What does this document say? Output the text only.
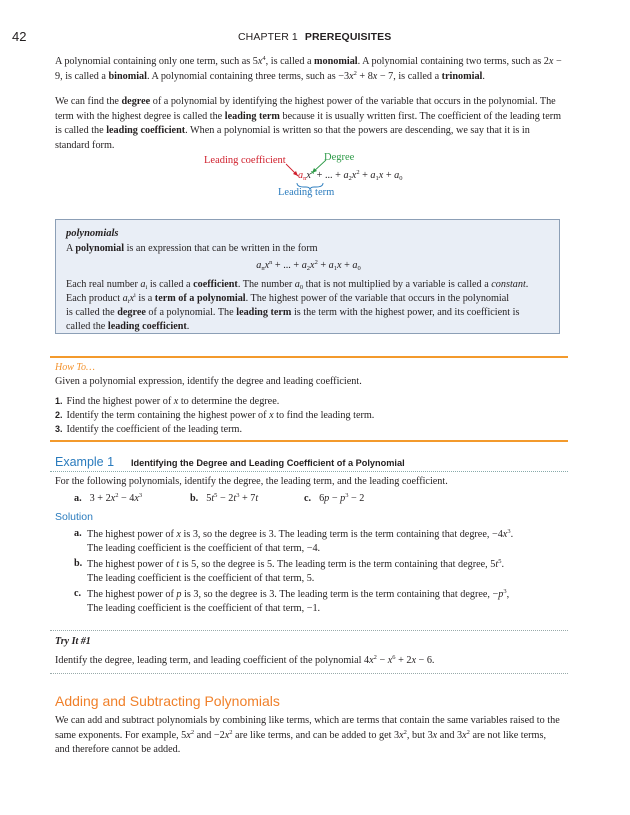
42	CHAPTER 1 PREREQUISITES

A polynomial containing only one term, such as $5x^4$, is called a monomial. A polynomial containing two terms, such as 2x − 9, is called a binomial. A polynomial containing three terms, such as $-3x^2 + 8x - 7$, is called a trinomial.

We can find the degree of a polynomial by identifying the highest power of the variable that occurs in the polynomial. The term with the highest degree is called the leading term because it is usually written first. The coefficient of the leading term is called the leading coefficient. When a polynomial is written so that the powers are descending, we say that it is in standard form.

Leading coefficient	Degree
Leading term
$a_nx^n$ + ... + $a_2x^2 + a_1x + a_0$
polynomials

A polynomial is an expression that can be written in the form

$a_nx^n$ + ... + $a_2x^2 + a_1x + a_0$

Each real number $a_i$ is called a coefficient. The number $a_0$ that is not multiplied by a variable is called a constant.

Each product $a_ix^i$ is a term of a polynomial. The highest power of the variable that occurs in the polynomial

is called the degree of a polynomial. The leading term is the term with the highest power, and its coefficient is

called the leading coefficient.

How To…
Given a polynomial expression, identify the degree and leading coefficient.
1. Find the highest power of x to determine the degree.
2. Identify the term containing the highest power of x to find the leading term.
3. Identify the coefficient of the leading term.
Example 1 Identifying the Degree and Leading Coefficient of a Polynomial
For the following polynomials, identify the degree, the leading term, and the leading coefficient.
a. $3 + 2x^2 - 4x^3$	b. $5t^5 - 2t^3 + 7t$	c. $6p - p^3 - 2$
Solution
a. The highest power of x is 3, so the degree is 3. The leading term is the term containing that degree, $-4x^3$.
The leading coefficient is the coefficient of that term, −4.

b. The highest power of t is 5, so the degree is 5. The leading term is the term containing that degree, $5t^5$.
The leading coefficient is the coefficient of that term, 5.

c. The highest power of p is 3, so the degree is 3. The leading term is the term containing that degree, $-p^3$,
The leading coefficient is the coefficient of that term, −1.

Try It #1
Identify the degree, leading term, and leading coefficient of the polynomial $4x^2 - x^6 + 2x - 6$.
Adding and Subtracting Polynomials

We can add and subtract polynomials by combining like terms, which are terms that contain the same variables raised to the same exponents. For example, $5x^2$ and $-2x^2$ are like terms, and can be added to get $3x^2$, but 3x and $3x^2$ are not like terms, and therefore cannot be added.
